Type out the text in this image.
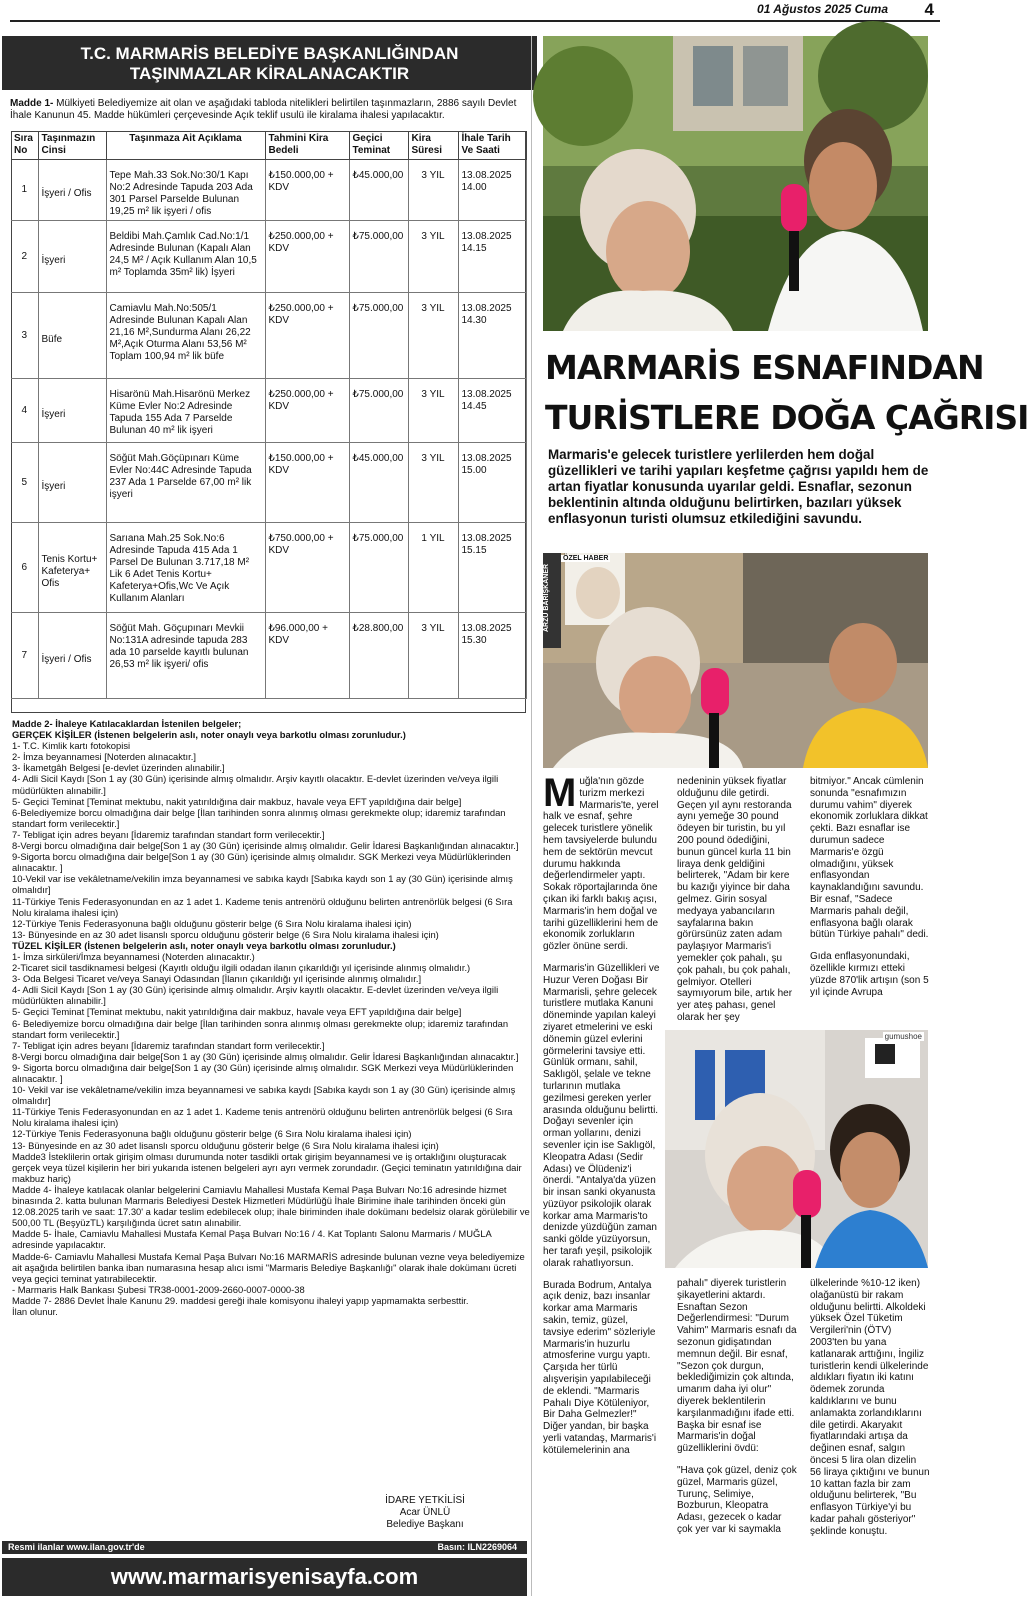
01 Ağustos 2025 Cuma 4
T.C. MARMARİS BELEDİYE BAŞKANLIĞINDAN
TAŞINMAZLAR KİRALANACAKTIR
Madde 1- Mülkiyeti Belediyemize ait olan ve aşağıdaki tabloda nitelikleri belirtilen taşınmazların, 2886 sayılı Devlet İhale Kanunun 45. Madde hükümleri çerçevesinde Açık teklif usulü ile kiralama ihalesi yapılacaktır.
Sıra No	Taşınmazın Cinsi	Taşınmaza Ait Açıklama	Tahmini Kira Bedeli	Geçici Teminat	Kira Süresi	İhale Tarih Ve Saati
1	İşyeri / Ofis	Tepe Mah.33 Sok.No:30/1 Kapı No:2 Adresinde Tapuda 203 Ada 301 Parsel Parselde Bulunan 19,25 m² lik işyeri / ofis	₺150.000,00 + KDV	₺45.000,00	3 YIL	13.08.2025 14.00
2	İşyeri	Beldibi Mah.Çamlık Cad.No:1/1 Adresinde Bulunan (Kapalı Alan 24,5 M² / Açık Kullanım Alan 10,5 m² Toplamda 35m² lik) İşyeri	₺250.000,00 + KDV	₺75.000,00	3 YIL	13.08.2025 14.15
3	Büfe	Camiavlu Mah.No:505/1 Adresinde Bulunan Kapalı Alan 21,16 M²,Sundurma Alanı 26,22 M²,Açık Oturma Alanı 53,56 M² Toplam 100,94 m² lik büfe	₺250.000,00 + KDV	₺75.000,00	3 YIL	13.08.2025 14.30
4	İşyeri	Hisarönü Mah.Hisarönü Merkez Küme Evler No:2 Adresinde Tapuda 155 Ada 7 Parselde Bulunan 40 m² lik işyeri	₺250.000,00 + KDV	₺75.000,00	3 YIL	13.08.2025 14.45
5	İşyeri	Söğüt Mah.Göçüpınarı Küme Evler No:44C Adresinde Tapuda 237 Ada 1 Parselde 67,00 m² lik işyeri	₺150.000,00 + KDV	₺45.000,00	3 YIL	13.08.2025 15.00
6	Tenis Kortu+ Kafeterya+ Ofis	Sarıana Mah.25 Sok.No:6 Adresinde Tapuda 415 Ada 1 Parsel De Bulunan 3.717,18 M² Lik 6 Adet Tenis Kortu+ Kafeterya+Ofis,Wc Ve Açık Kullanım Alanları	₺750.000,00 + KDV	₺75.000,00	1 YIL	13.08.2025 15.15
7	İşyeri / Ofis	Söğüt Mah. Göçupınarı Mevkii No:131A adresinde tapuda 283 ada 10 parselde kayıtlı bulunan 26,53 m² lik işyeri/ ofis	₺96.000,00 + KDV	₺28.800,00	3 YIL	13.08.2025 15.30

Madde 2- İhaleye Katılacaklardan İstenilen belgeler;

GERÇEK KİŞİLER (İstenen belgelerin aslı, noter onaylı veya barkotlu olması zorunludur.)

1- T.C. Kimlik kartı fotokopisi

2- İmza beyannamesi [Noterden alınacaktır.]

3- İkametgâh Belgesi [e-devlet üzerinden alınabilir.]

4- Adli Sicil Kaydı [Son 1 ay (30 Gün) içerisinde almış olmalıdır. Arşiv kayıtlı olacaktır. E-devlet üzerinden ve/veya ilgili müdürlükten alınabilir.]

5- Geçici Teminat [Teminat mektubu, nakit yatırıldığına dair makbuz, havale veya EFT yapıldığına dair belge]

6-Belediyemize borcu olmadığına dair belge [İlan tarihinden sonra alınmış olması gerekmekte olup; idaremiz tarafından standart form verilecektir.]

7- Tebligat için adres beyanı [İdaremiz tarafından standart form verilecektir.]

8-Vergi borcu olmadığına dair belge[Son 1 ay (30 Gün) içerisinde almış olmalıdır. Gelir İdaresi Başkanlığından alınacaktır.]

9-Sigorta borcu olmadığına dair belge[Son 1 ay (30 Gün) içerisinde almış olmalıdır. SGK Merkezi veya Müdürlüklerinden alınacaktır. ]

10-Vekil var ise vekâletname/vekilin imza beyannamesi ve sabıka kaydı [Sabıka kaydı son 1 ay (30 Gün) içerisinde almış olmalıdır]

11-Türkiye Tenis Federasyonundan en az 1 adet 1. Kademe tenis antrenörü olduğunu belirten antrenörlük belgesi (6 Sıra Nolu kiralama ihalesi için)

12-Türkiye Tenis Federasyonuna bağlı olduğunu gösterir belge (6 Sıra Nolu kiralama ihalesi için)

13- Bünyesinde en az 30 adet lisanslı sporcu olduğunu gösterir belge (6 Sıra Nolu kiralama ihalesi için)

TÜZEL KİŞİLER (İstenen belgelerin aslı, noter onaylı veya barkotlu olması zorunludur.)

1- İmza sirküleri/İmza beyannamesi (Noterden alınacaktır.)

2-Ticaret sicil tasdiknamesi belgesi (Kayıtlı olduğu ilgili odadan ilanın çıkarıldığı yıl içerisinde alınmış olmalıdır.)

3- Oda Belgesi Ticaret ve/veya Sanayi Odasından [İlanın çıkarıldığı yıl içerisinde alınmış olmalıdır.]

4- Adli Sicil Kaydı [Son 1 ay (30 Gün) içerisinde almış olmalıdır. Arşiv kayıtlı olacaktır. E-devlet üzerinden ve/veya ilgili müdürlükten alınabilir.]

5- Geçici Teminat [Teminat mektubu, nakit yatırıldığına dair makbuz, havale veya EFT yapıldığına dair belge]

6- Belediyemize borcu olmadığına dair belge [İlan tarihinden sonra alınmış olması gerekmekte olup; idaremiz tarafından standart form verilecektir.]

7- Tebligat için adres beyanı [İdaremiz tarafından standart form verilecektir.]

8-Vergi borcu olmadığına dair belge[Son 1 ay (30 Gün) içerisinde almış olmalıdır. Gelir İdaresi Başkanlığından alınacaktır.]

9- Sigorta borcu olmadığına dair belge[Son 1 ay (30 Gün) içerisinde almış olmalıdır. SGK Merkezi veya Müdürlüklerinden alınacaktır. ]

10- Vekil var ise vekâletname/vekilin imza beyannamesi ve sabıka kaydı [Sabıka kaydı son 1 ay (30 Gün) içerisinde almış olmalıdır]

11-Türkiye Tenis Federasyonundan en az 1 adet 1. Kademe tenis antrenörü olduğunu belirten antrenörlük belgesi (6 Sıra Nolu kiralama ihalesi için)

12-Türkiye Tenis Federasyonuna bağlı olduğunu gösterir belge (6 Sıra Nolu kiralama ihalesi için)

13- Bünyesinde en az 30 adet lisanslı sporcu olduğunu gösterir belge (6 Sıra Nolu kiralama ihalesi için)

Madde3 İsteklilerin ortak girişim olması durumunda noter tasdikli ortak girişim beyannamesi ve iş ortaklığını oluşturacak gerçek veya tüzel kişilerin her biri yukarıda istenen belgeleri ayrı ayrı vermek zorundadır. (Geçici teminatın yatırıldığına dair makbuz hariç)

Madde 4- İhaleye katılacak olanlar belgelerini Camiavlu Mahallesi Mustafa Kemal Paşa Bulvarı No:16 adresinde hizmet binasında 2. katta bulunan Marmaris Belediyesi Destek Hizmetleri Müdürlüğü İhale Birimine ihale tarihinden önceki gün 12.08.2025 tarih ve saat: 17.30' a kadar teslim edebilecek olup; ihale biriminden ihale dokümanı bedelsiz olarak görülebilir ve 500,00 TL (BeşyüzTL) karşılığında ücret satın alınabilir.

Madde 5- İhale, Camiavlu Mahallesi Mustafa Kemal Paşa Bulvarı No:16 / 4. Kat Toplantı Salonu Marmaris / MUĞLA adresinde yapılacaktır.

Madde-6- Camiavlu Mahallesi Mustafa Kemal Paşa Bulvarı No:16 MARMARİS adresinde bulunan vezne veya belediyemize ait aşağıda belirtilen banka iban numarasına hesap alıcı ismi "Marmaris Belediye Başkanlığı" olarak ihale dokümanı ücreti veya geçici teminat yatırabilecektir.

- Marmaris Halk Bankası Şubesi TR38-0001-2009-2660-0007-0000-38

Madde 7- 2886 Devlet İhale Kanunu 29. maddesi gereği ihale komisyonu ihaleyi yapıp yapmamakta serbesttir.

İlan olunur.

İDARE YETKİLİSİ
Acar ÜNLÜ
Belediye Başkanı
Resmi ilanlar www.ilan.gov.tr'de	Basın: ILN2269064
www.marmarisyenisayfa.com
MARMARİS ESNAFINDAN
TURİSTLERE DOĞA ÇAĞRISI
Marmaris'e gelecek turistlere yerlilerden hem doğal güzellikleri ve tarihi yapıları keşfetme çağrısı yapıldı hem de artan fiyatlar konusunda uyarılar geldi. Esnaflar, sezonun beklentinin altında olduğunu belirtirken, bazıları yüksek enflasyonun turisti olumsuz etkilediğini savundu.
ARZU BARIŞKANER
ÖZEL HABER
gumushoe

Muğla'nın gözde turizm merkezi Marmaris'te, yerel halk ve esnaf, şehre gelecek turistlere yönelik hem tavsiyelerde bulundu hem de sektörün mevcut durumu hakkında değerlendirmeler yaptı. Sokak röportajlarında öne çıkan iki farklı bakış açısı, Marmaris'in hem doğal ve tarihi güzelliklerini hem de ekonomik zorlukların gözler önüne serdi.

Marmaris'in Güzellikleri ve Huzur Veren Doğası Bir Marmarisli, şehre gelecek turistlere mutlaka Kanuni döneminde yapılan kaleyi ziyaret etmelerini ve eski dönemin güzel evlerini görmelerini tavsiye etti. Günlük ormanı, sahil, Saklıgöl, şelale ve tekne turlarının mutlaka gezilmesi gereken yerler arasında olduğunu belirtti. Doğayı sevenler için orman yollarını, denizi sevenler için ise Saklıgöl, Kleopatra Adası (Sedir Adası) ve Ölüdeniz'i önerdi. "Antalya'da yüzen bir insan sanki okyanusta yüzüyor psikolojik olarak korkar ama Marmaris'to denizde yüzdüğün zaman sanki gölde yüzüyorsun, her tarafı yeşil, psikolojik olarak rahatlıyorsun.

Burada Bodrum, Antalya açık deniz, bazı insanlar korkar ama Marmaris sakin, temiz, güzel, tavsiye ederim" sözleriyle Marmaris'in huzurlu atmosferine vurgu yaptı. Çarşıda her türlü alışverişin yapılabileceği de eklendi. "Marmaris Pahalı Diye Kötüleniyor, Bir Daha Gelmezler!" Diğer yandan, bir başka yerli vatandaş, Marmaris'i kötülemelerinin ana

nedeninin yüksek fiyatlar olduğunu dile getirdi. Geçen yıl aynı restoranda aynı yemeğe 30 pound ödeyen bir turistin, bu yıl 200 pound ödediğini, bunun güncel kurla 11 bin liraya denk geldiğini belirterek, "Adam bir kere bu kazığı yiyince bir daha gelmez. Girin sosyal medyaya yabancıların sayfalarına bakın görürsünüz zaten adam paylaşıyor Marmaris'i yemekler çok pahalı, şu çok pahalı, bu çok pahalı, gelmiyor. Otelleri saymıyorum bile, artık her yer ateş pahası, genel olarak her şey

bitmiyor." Ancak cümlenin sonunda "esnafımızın durumu vahim" diyerek ekonomik zorluklara dikkat çekti. Bazı esnaflar ise durumun sadece Marmaris'e özgü olmadığını, yüksek enflasyondan kaynaklandığını savundu. Bir esnaf, "Sadece Marmaris pahalı değil, enflasyona bağlı olarak bütün Türkiye pahalı" dedi.

Gıda enflasyonundaki, özellikle kırmızı etteki yüzde 870'lik artışın (son 5 yıl içinde Avrupa

pahalı" diyerek turistlerin şikayetlerini aktardı. Esnaftan Sezon Değerlendirmesi: "Durum Vahim" Marmaris esnafı da sezonun gidişatından memnun değil. Bir esnaf, "Sezon çok durgun, beklediğimizin çok altında, umarım daha iyi olur" diyerek beklentilerin karşılanmadığını ifade etti. Başka bir esnaf ise Marmaris'in doğal güzelliklerini övdü:

"Hava çok güzel, deniz çok güzel, Marmaris güzel, Turunç, Selimiye, Bozburun, Kleopatra Adası, gezecek o kadar çok yer var ki saymakla

ülkelerinde %10-12 iken) olağanüstü bir rakam olduğunu belirtti. Alkoldeki yüksek Özel Tüketim Vergileri'nin (ÖTV) 2003'ten bu yana katlanarak arttığını, İngiliz turistlerin kendi ülkelerinde aldıkları fiyatın iki katını ödemek zorunda kaldıklarını ve bunu anlamakta zorlandıklarını dile getirdi. Akaryakıt fiyatlarındaki artışa da değinen esnaf, salgın öncesi 5 lira olan dizelin 56 liraya çıktığını ve bunun 10 kattan fazla bir zam olduğunu belirterek, "Bu enflasyon Türkiye'yi bu kadar pahalı gösteriyor" şeklinde konuştu.
